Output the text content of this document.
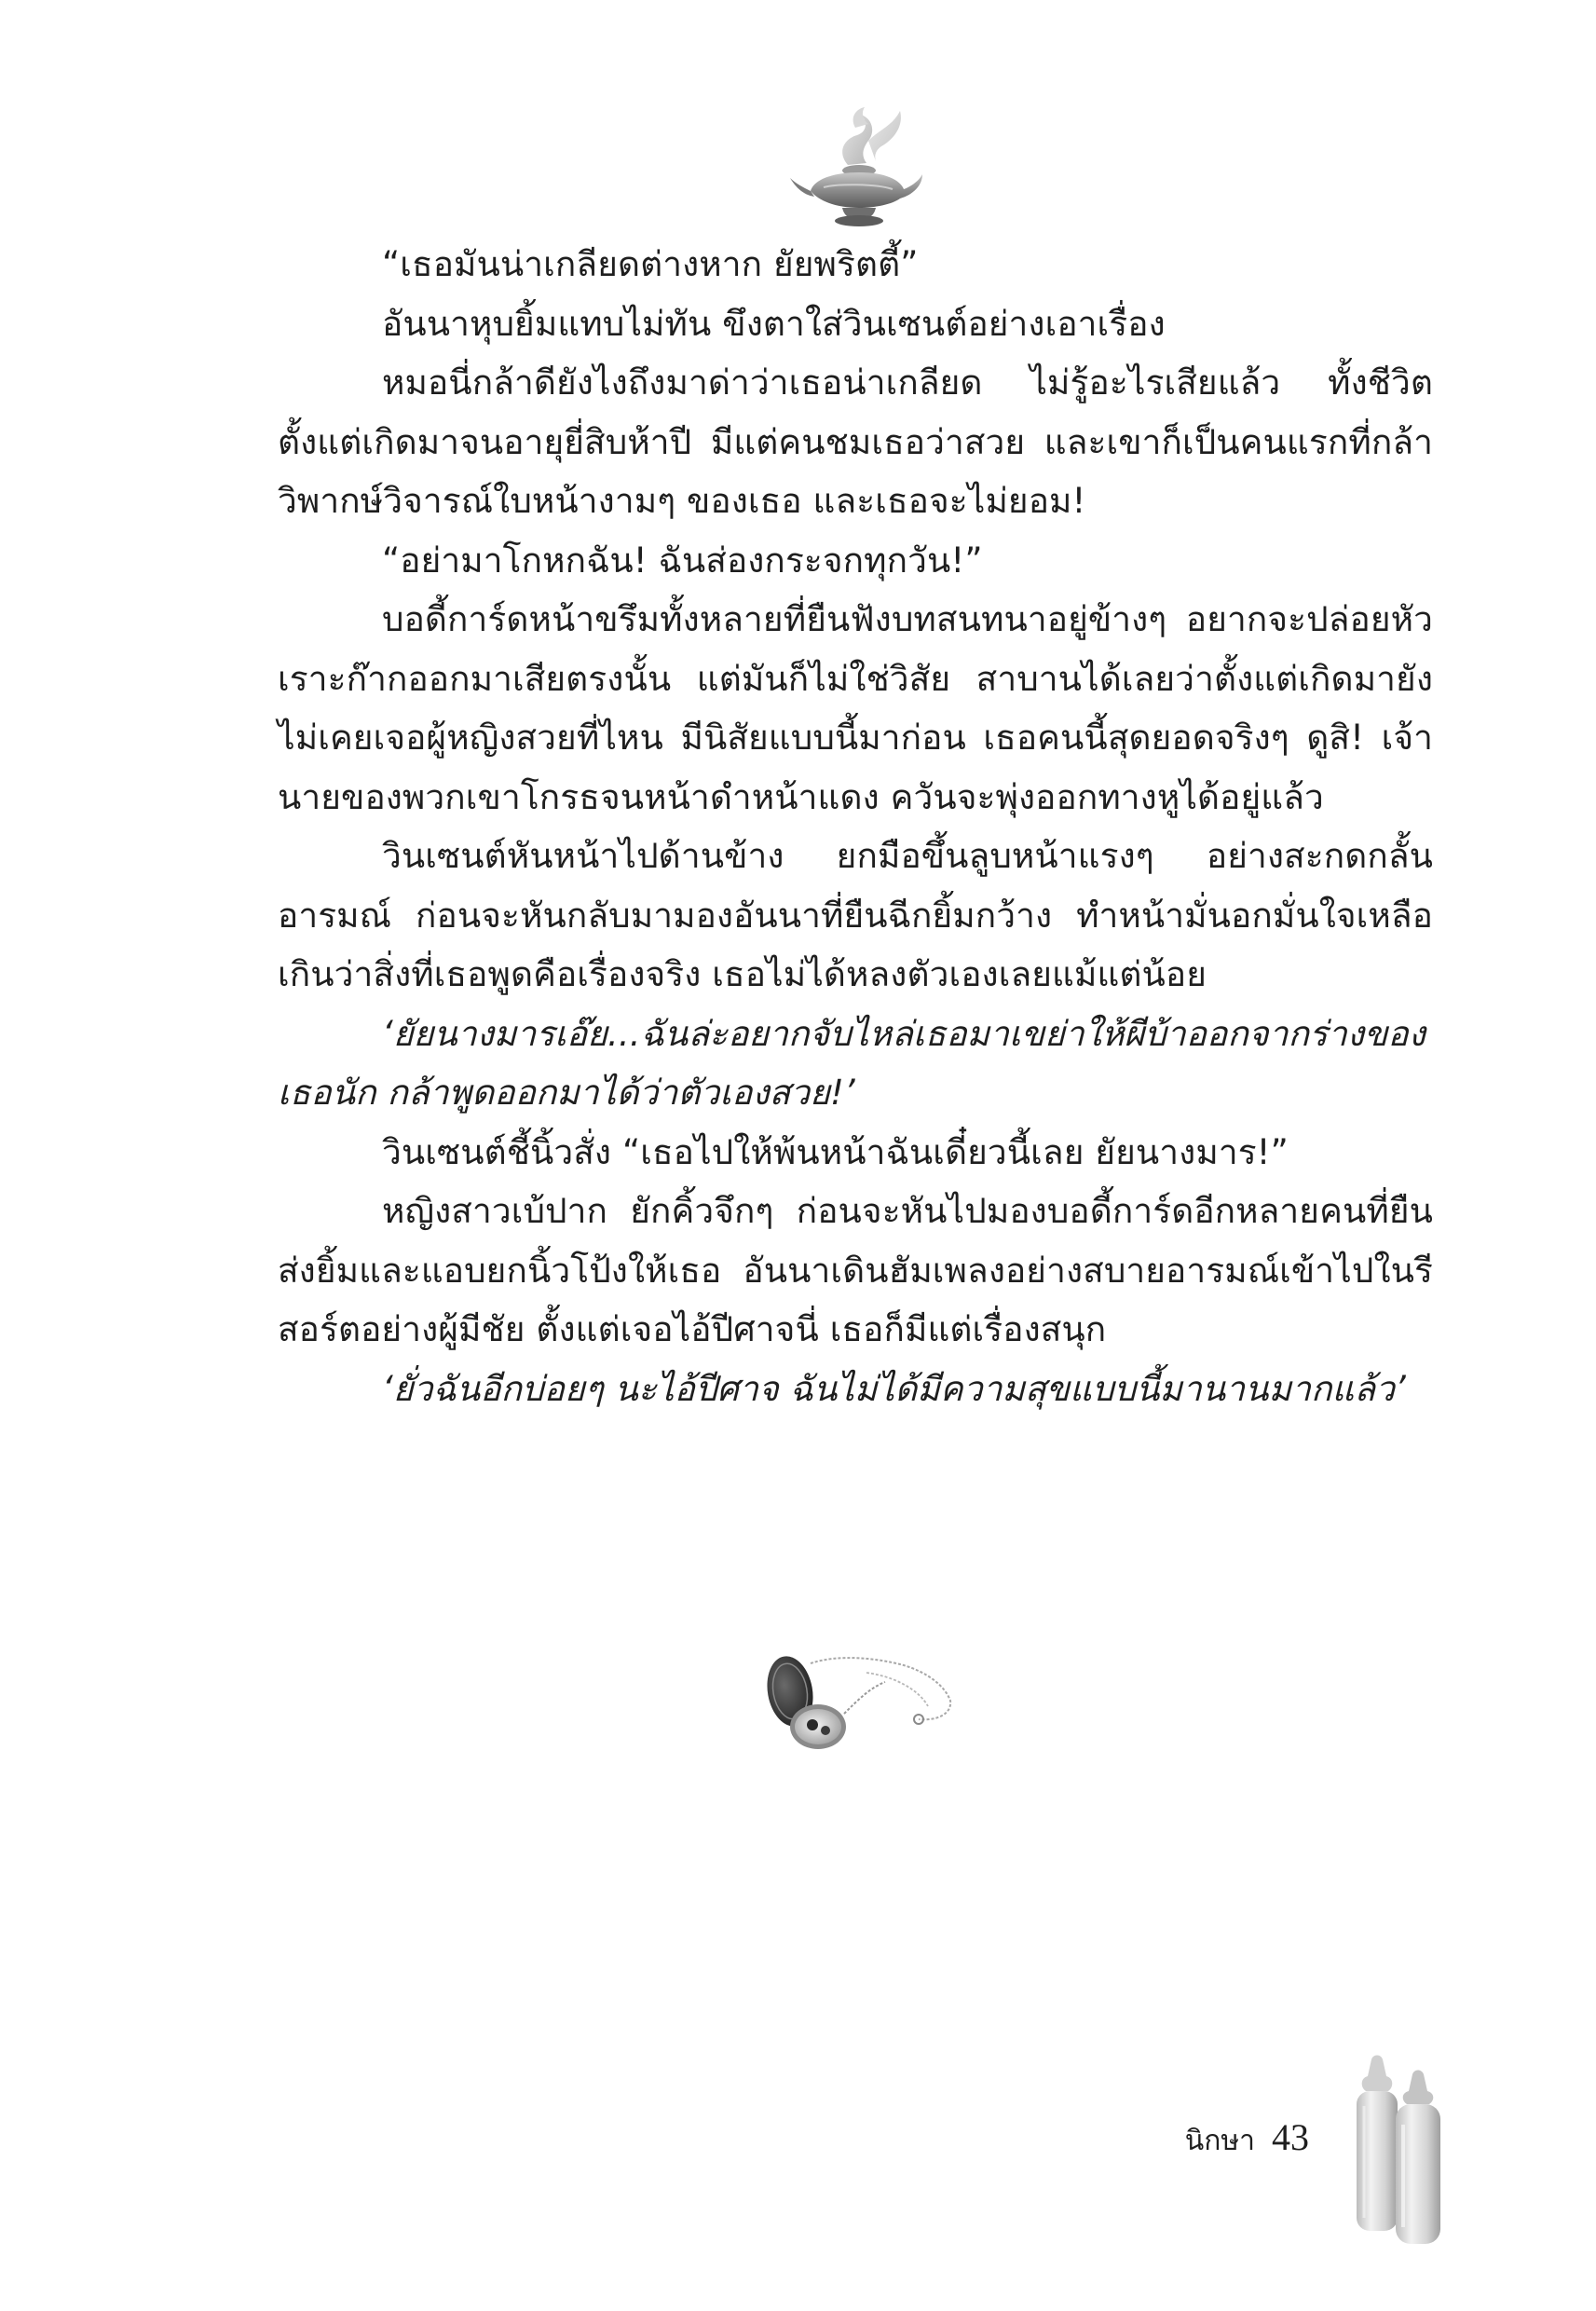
“เธอมันน่าเกลียดต่างหาก ยัยพริตตี้”

อันนาหุบยิ้มแทบไม่ทัน ขึงตาใส่วินเซนต์อย่างเอาเรื่อง

หมอนี่กล้าดียังไงถึงมาด่าว่าเธอน่าเกลียด ไม่รู้อะไรเสียแล้ว ทั้งชีวิตตั้งแต่เกิดมาจนอายุยี่สิบห้าปี มีแต่คนชมเธอว่าสวย และเขาก็เป็นคนแรกที่กล้าวิพากษ์วิจารณ์ใบหน้างามๆ ของเธอ และเธอจะไม่ยอม!

“อย่ามาโกหกฉัน! ฉันส่องกระจกทุกวัน!”

บอดี้การ์ดหน้าขรึมทั้งหลายที่ยืนฟังบทสนทนาอยู่ข้างๆ อยากจะปล่อยหัวเราะก๊ากออกมาเสียตรงนั้น แต่มันก็ไม่ใช่วิสัย สาบานได้เลยว่าตั้งแต่เกิดมายังไม่เคยเจอผู้หญิงสวยที่ไหน มีนิสัยแบบนี้มาก่อน เธอคนนี้สุดยอดจริงๆ ดูสิ! เจ้านายของพวกเขาโกรธจนหน้าดำหน้าแดง ควันจะพุ่งออกทางหูได้อยู่แล้ว

วินเซนต์หันหน้าไปด้านข้าง ยกมือขึ้นลูบหน้าแรงๆ อย่างสะกดกลั้นอารมณ์ ก่อนจะหันกลับมามองอันนาที่ยืนฉีกยิ้มกว้าง ทำหน้ามั่นอกมั่นใจเหลือเกินว่าสิ่งที่เธอพูดคือเรื่องจริง เธอไม่ได้หลงตัวเองเลยแม้แต่น้อย

‘ยัยนางมารเอ๊ย...ฉันล่ะอยากจับไหล่เธอมาเขย่าให้ผีบ้าออกจากร่างของเธอนัก กล้าพูดออกมาได้ว่าตัวเองสวย!’

วินเซนต์ชี้นิ้วสั่ง “เธอไปให้พ้นหน้าฉันเดี๋ยวนี้เลย ยัยนางมาร!”

หญิงสาวเบ้ปาก ยักคิ้วจึกๆ ก่อนจะหันไปมองบอดี้การ์ดอีกหลายคนที่ยืนส่งยิ้มและแอบยกนิ้วโป้งให้เธอ อันนาเดินฮัมเพลงอย่างสบายอารมณ์เข้าไปในรีสอร์ตอย่างผู้มีชัย ตั้งแต่เจอไอ้ปีศาจนี่ เธอก็มีแต่เรื่องสนุก

‘ยั่วฉันอีกบ่อยๆ นะไอ้ปีศาจ ฉันไม่ได้มีความสุขแบบนี้มานานมากแล้ว’

นิกษา 43
